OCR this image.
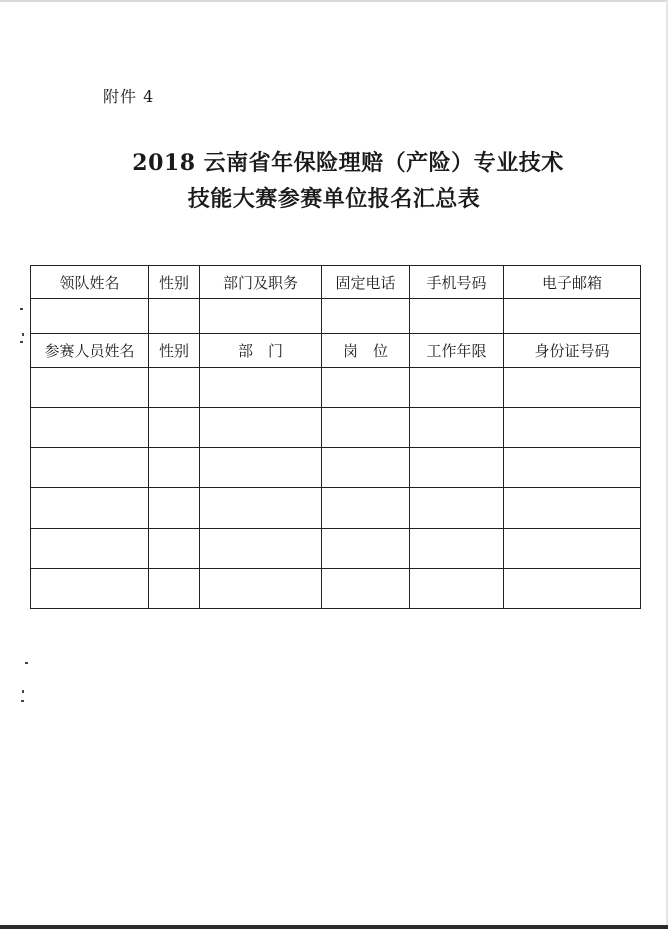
附件 4
2018 云南省年保险理赔（产险）专业技术
技能大赛参赛单位报名汇总表
领队姓名	性别	部门及职务	固定电话	手机号码	电子邮箱

参赛人员姓名	性别	部　门	岗　位	工作年限	身份证号码
